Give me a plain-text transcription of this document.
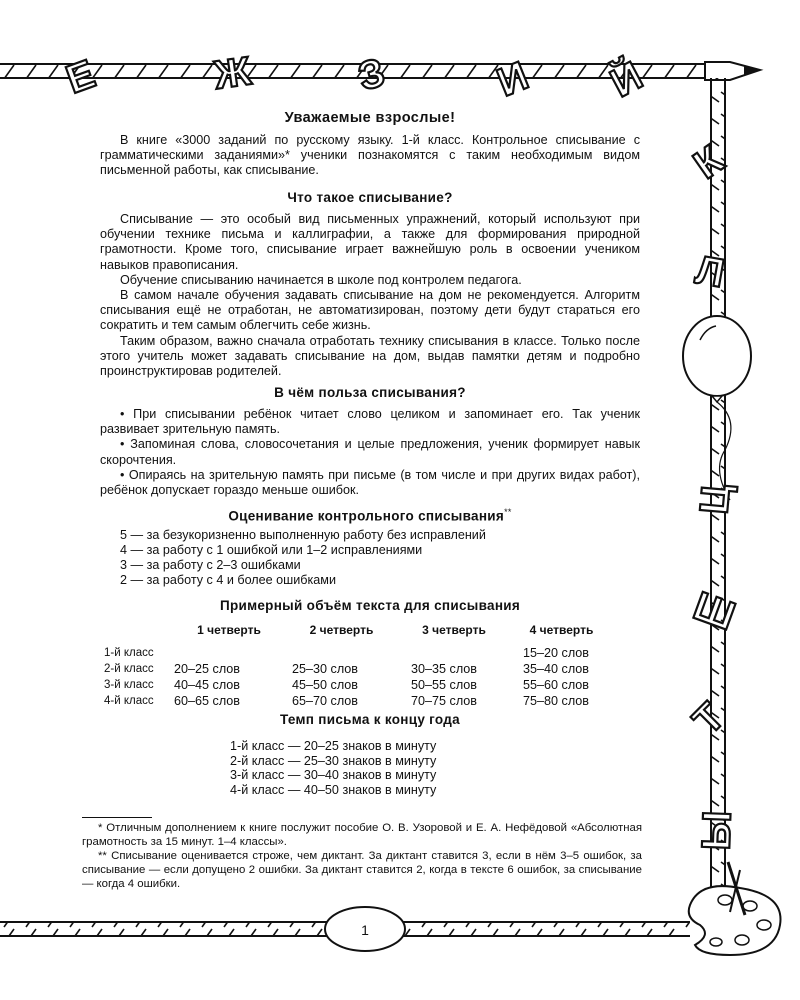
Е	Ж	З	И Й
К
Л
Ц
Ш
Т
Ы
Уважаемые взрослые!

В книге «3000 заданий по русскому языку. 1-й класс. Контрольное списывание с грамматическими заданиями»* ученики познакомятся с таким необходимым видом письменной работы, как списывание.

Что такое списывание?

Списывание — это особый вид письменных упражнений, который используют при обучении технике письма и каллиграфии, а также для формирования природной грамотности. Кроме того, списывание играет важнейшую роль в освоении учеником навыков правописания.

Обучение списыванию начинается в школе под контролем педагога.

В самом начале обучения задавать списывание на дом не рекомендуется. Алгоритм списывания ещё не отработан, не автоматизирован, поэтому дети будут стараться его сократить и тем самым облегчить себе жизнь.

Таким образом, важно сначала отработать технику списывания в классе. Только после этого учитель может задавать списывание на дом, выдав памятки детям и подробно проинструктировав родителей.

В чём польза списывания?

• При списывании ребёнок читает слово целиком и запоминает его. Так ученик развивает зрительную память.

• Запоминая слова, словосочетания и целые предложения, ученик формирует навык скорочтения.

• Опираясь на зрительную память при письме (в том числе и при других видах работ), ребёнок допускает гораздо меньше ошибок.

Оценивание контрольного списывания**
5 — за безукоризненно выполненную работу без исправлений
4 — за работу с 1 ошибкой или 1–2 исправлениями
3 — за работу с 2–3 ошибками
2 — за работу с 4 и более ошибками
Примерный объём текста для списывания
	1 четверть	2 четверть	3 четверть	4 четверть
1-й класс				15–20 слов
2-й класс	20–25 слов	25–30 слов	30–35 слов	35–40 слов
3-й класс	40–45 слов	45–50 слов	50–55 слов	55–60 слов
4-й класс	60–65 слов	65–70 слов	70–75 слов	75–80 слов
Темп письма к концу года
1-й класс — 20–25 знаков в минуту
2-й класс — 25–30 знаков в минуту
3-й класс — 30–40 знаков в минуту
4-й класс — 40–50 знаков в минуту

* Отличным дополнением к книге послужит пособие О. В. Узоровой и Е. А. Нефёдовой «Абсолютная грамотность за 15 минут. 1–4 классы».

** Списывание оценивается строже, чем диктант. За диктант ставится 3, если в нём 3–5 ошибок, за списывание — если допущено 2 ошибки. За диктант ставится 2, когда в тексте 6 ошибок, за списывание — когда 4 ошибки.

1
